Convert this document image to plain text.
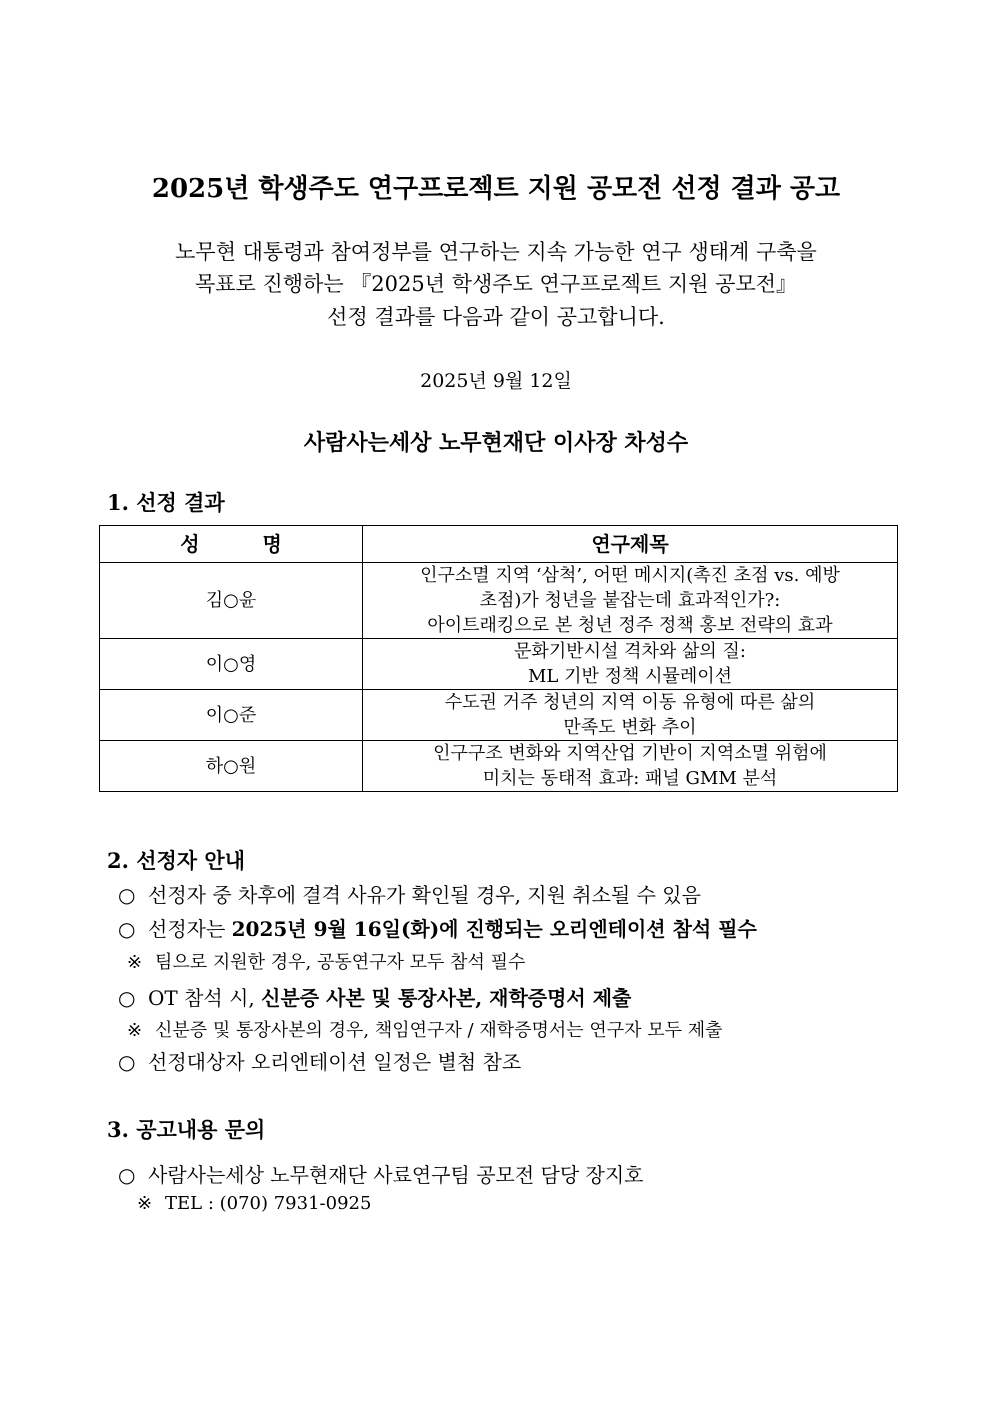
2025년 학생주도 연구프로젝트 지원 공모전 선정 결과 공고
노무현 대통령과 참여정부를 연구하는 지속 가능한 연구 생태계 구축을
목표로 진행하는 『2025년 학생주도 연구프로젝트 지원 공모전』
선정 결과를 다음과 같이 공고합니다.
2025년 9월 12일
사람사는세상 노무현재단 이사장 차성수
1. 선정 결과
성 명	연구제목
김○윤	인구소멸 지역 ‘삼척’, 어떤 메시지(촉진 초점 vs. 예방
초점)가 청년을 붙잡는데 효과적인가?:
아이트래킹으로 본 청년 정주 정책 홍보 전략의 효과

이○영	문화기반시설 격차와 삶의 질:
ML 기반 정책 시뮬레이션

이○준	수도권 거주 청년의 지역 이동 유형에 따른 삶의
만족도 변화 추이

하○원	인구구조 변화와 지역산업 기반이 지역소멸 위험에
미치는 동태적 효과: 패널 GMM 분석
2. 선정자 안내
○ 선정자 중 차후에 결격 사유가 확인될 경우, 지원 취소될 수 있음
○ 선정자는 2025년 9월 16일(화)에 진행되는 오리엔테이션 참석 필수
※ 팀으로 지원한 경우, 공동연구자 모두 참석 필수
○ OT 참석 시, 신분증 사본 및 통장사본, 재학증명서 제출
※ 신분증 및 통장사본의 경우, 책임연구자 / 재학증명서는 연구자 모두 제출
○ 선정대상자 오리엔테이션 일정은 별첨 참조
3. 공고내용 문의
○ 사람사는세상 노무현재단 사료연구팀 공모전 담당 장지호
※ TEL : (070) 7931-0925
